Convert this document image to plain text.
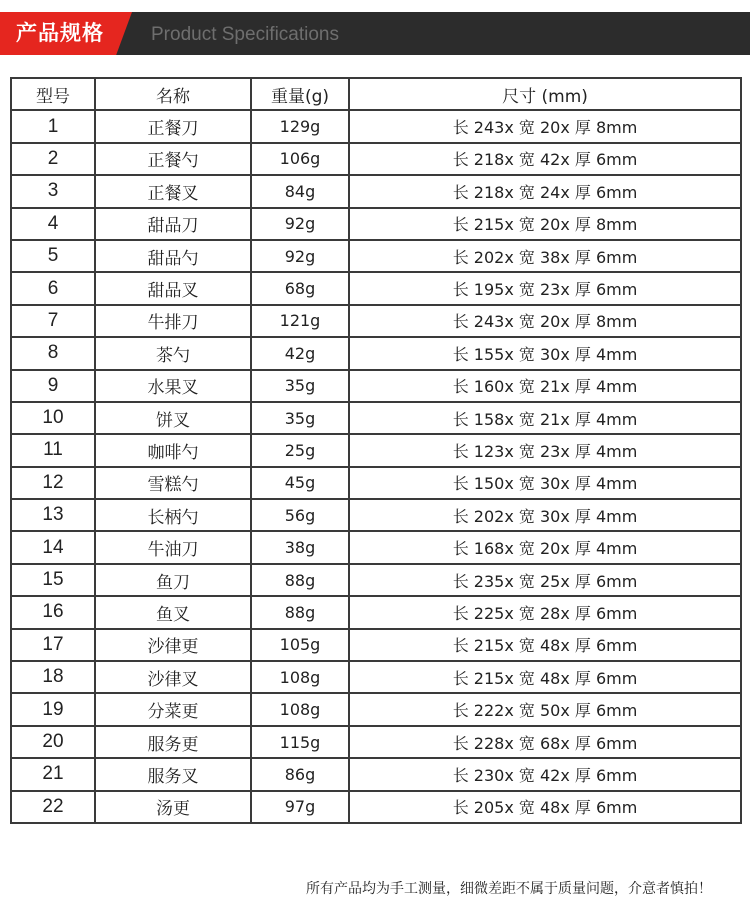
产品规格 Product Specifications
型号	名称	重量(g)	尺寸 (mm)
1	正餐刀	129g	长 243x 宽 20x 厚 8mm
2	正餐勺	106g	长 218x 宽 42x 厚 6mm
3	正餐叉	84g	长 218x 宽 24x 厚 6mm
4	甜品刀	92g	长 215x 宽 20x 厚 8mm
5	甜品勺	92g	长 202x 宽 38x 厚 6mm
6	甜品叉	68g	长 195x 宽 23x 厚 6mm
7	牛排刀	121g	长 243x 宽 20x 厚 8mm
8	茶勺	42g	长 155x 宽 30x 厚 4mm
9	水果叉	35g	长 160x 宽 21x 厚 4mm
10	饼叉	35g	长 158x 宽 21x 厚 4mm
11	咖啡勺	25g	长 123x 宽 23x 厚 4mm
12	雪糕勺	45g	长 150x 宽 30x 厚 4mm
13	长柄勺	56g	长 202x 宽 30x 厚 4mm
14	牛油刀	38g	长 168x 宽 20x 厚 4mm
15	鱼刀	88g	长 235x 宽 25x 厚 6mm
16	鱼叉	88g	长 225x 宽 28x 厚 6mm
17	沙律更	105g	长 215x 宽 48x 厚 6mm
18	沙律叉	108g	长 215x 宽 48x 厚 6mm
19	分菜更	108g	长 222x 宽 50x 厚 6mm
20	服务更	115g	长 228x 宽 68x 厚 6mm
21	服务叉	86g	长 230x 宽 42x 厚 6mm
22	汤更	97g	长 205x 宽 48x 厚 6mm
所有产品均为手工测量，细微差距不属于质量问题，介意者慎拍！
